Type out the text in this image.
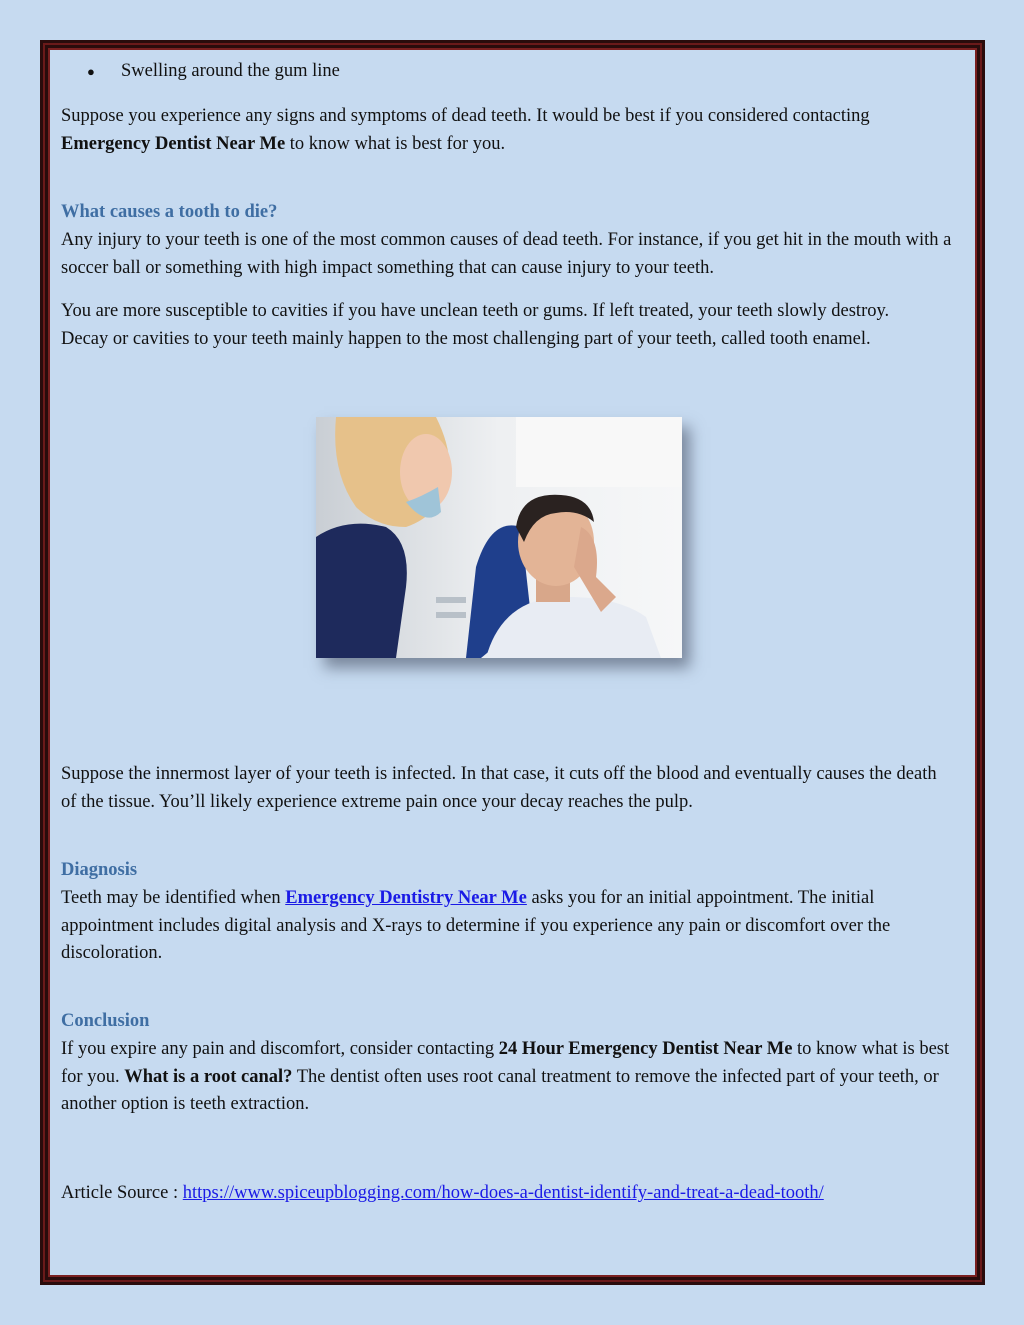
●	Swelling around the gum line

Suppose you experience any signs and symptoms of dead teeth. It would be best if you considered contacting Emergency Dentist Near Me to know what is best for you.

What causes a tooth to die?

Any injury to your teeth is one of the most common causes of dead teeth. For instance, if you get hit in the mouth with a soccer ball or something with high impact something that can cause injury to your teeth.

You are more susceptible to cavities if you have unclean teeth or gums. If left treated, your teeth slowly destroy. Decay or cavities to your teeth mainly happen to the most challenging part of your teeth, called tooth enamel.

Suppose the innermost layer of your teeth is infected. In that case, it cuts off the blood and eventually causes the death of the tissue. You’ll likely experience extreme pain once your decay reaches the pulp.

Diagnosis

Teeth may be identified when Emergency Dentistry Near Me asks you for an initial appointment. The initial appointment includes digital analysis and X-rays to determine if you experience any pain or discomfort over the discoloration.

Conclusion

If you expire any pain and discomfort, consider contacting 24 Hour Emergency Dentist Near Me to know what is best for you. What is a root canal? The dentist often uses root canal treatment to remove the infected part of your teeth, or another option is teeth extraction.

Article Source : https://www.spiceupblogging.com/how-does-a-dentist-identify-and-treat-a-dead-tooth/
